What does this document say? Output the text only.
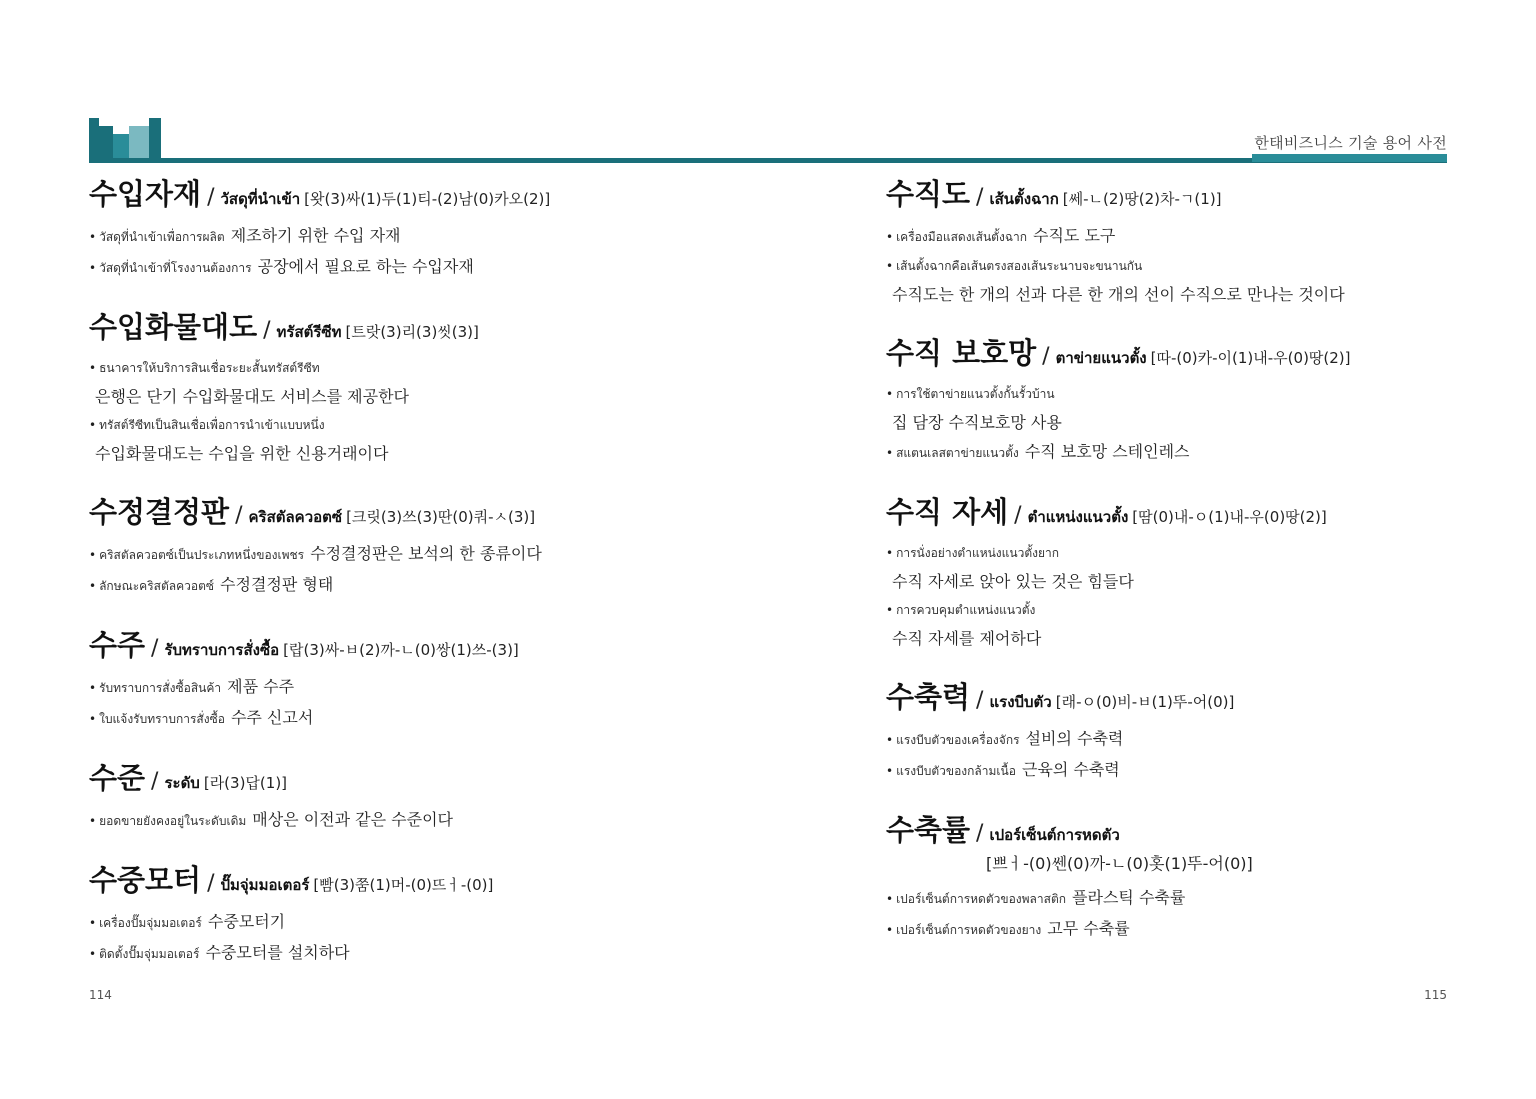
한태비즈니스 기술 용어 사전
수입자재 / วัสดุที่นำเข้า [왓(3)싸(1)두(1)티-(2)남(0)카오(2)]
• วัสดุที่นำเข้าเพื่อการผลิต 제조하기 위한 수입 자재
• วัสดุที่นำเข้าที่โรงงานต้องการ 공장에서 필요로 하는 수입자재
수입화물대도 / ทรัสต์รีซีท [트랏(3)리(3)씻(3)]
• ธนาคารให้บริการสินเชื่อระยะสั้นทรัสต์รีซีท
은행은 단기 수입화물대도 서비스를 제공한다
• ทรัสต์รีซีทเป็นสินเชื่อเพื่อการนำเข้าแบบหนึ่ง
수입화물대도는 수입을 위한 신용거래이다
수정결정판 / คริสตัลควอตซ์ [크릿(3)쓰(3)딴(0)쿼-ㅅ(3)]
• คริสตัลควอตซ์เป็นประเภทหนึ่งของเพชร 수정결정판은 보석의 한 종류이다
• ลักษณะคริสตัลควอตซ์ 수정결정판 형태
수주 / รับทราบการสั่งซื้อ [랍(3)싸-ㅂ(2)까-ㄴ(0)쌍(1)쓰-(3)]
• รับทราบการสั่งซื้อสินค้า 제품 수주
• ใบแจ้งรับทราบการสั่งซื้อ 수주 신고서
수준 / ระดับ [라(3)답(1)]
• ยอดขายยังคงอยู่ในระดับเดิม 매상은 이전과 같은 수준이다
수중모터 / ปั๊มจุ่มมอเตอร์ [빰(3)쭘(1)머-(0)뜨ㅓ-(0)]
• เครื่องปั๊มจุ่มมอเตอร์ 수중모터기
• ติดตั้งปั๊มจุ่มมอเตอร์ 수중모터를 설치하다
수직도 / เส้นตั้งฉาก [쎄-ㄴ(2)땅(2)차-ㄱ(1)]
• เครื่องมือแสดงเส้นตั้งฉาก 수직도 도구
• เส้นตั้งฉากคือเส้นตรงสองเส้นระนาบจะขนานกัน
수직도는 한 개의 선과 다른 한 개의 선이 수직으로 만나는 것이다
수직 보호망 / ตาข่ายแนวตั้ง [따-(0)카-이(1)내-우(0)땅(2)]
• การใช้ตาข่ายแนวตั้งกั้นรั้วบ้าน
집 담장 수직보호망 사용
• สแตนเลสตาข่ายแนวตั้ง 수직 보호망 스테인레스
수직 자세 / ตำแหน่งแนวตั้ง [땀(0)내-ㅇ(1)내-우(0)땅(2)]
• การนั่งอย่างตำแหน่งแนวตั้งยาก
수직 자세로 앉아 있는 것은 힘들다
• การควบคุมตำแหน่งแนวตั้ง
수직 자세를 제어하다
수축력 / แรงบีบตัว [래-ㅇ(0)비-ㅂ(1)뚜-어(0)]
• แรงบีบตัวของเครื่องจักร 설비의 수축력
• แรงบีบตัวของกล้ามเนื้อ 근육의 수축력
수축률 / เปอร์เซ็นต์การหดตัว
[쁘ㅓ-(0)쎈(0)까-ㄴ(0)홋(1)뚜-어(0)]
• เปอร์เซ็นต์การหดตัวของพลาสติก 플라스틱 수축률
• เปอร์เซ็นต์การหดตัวของยาง 고무 수축률
114	115
